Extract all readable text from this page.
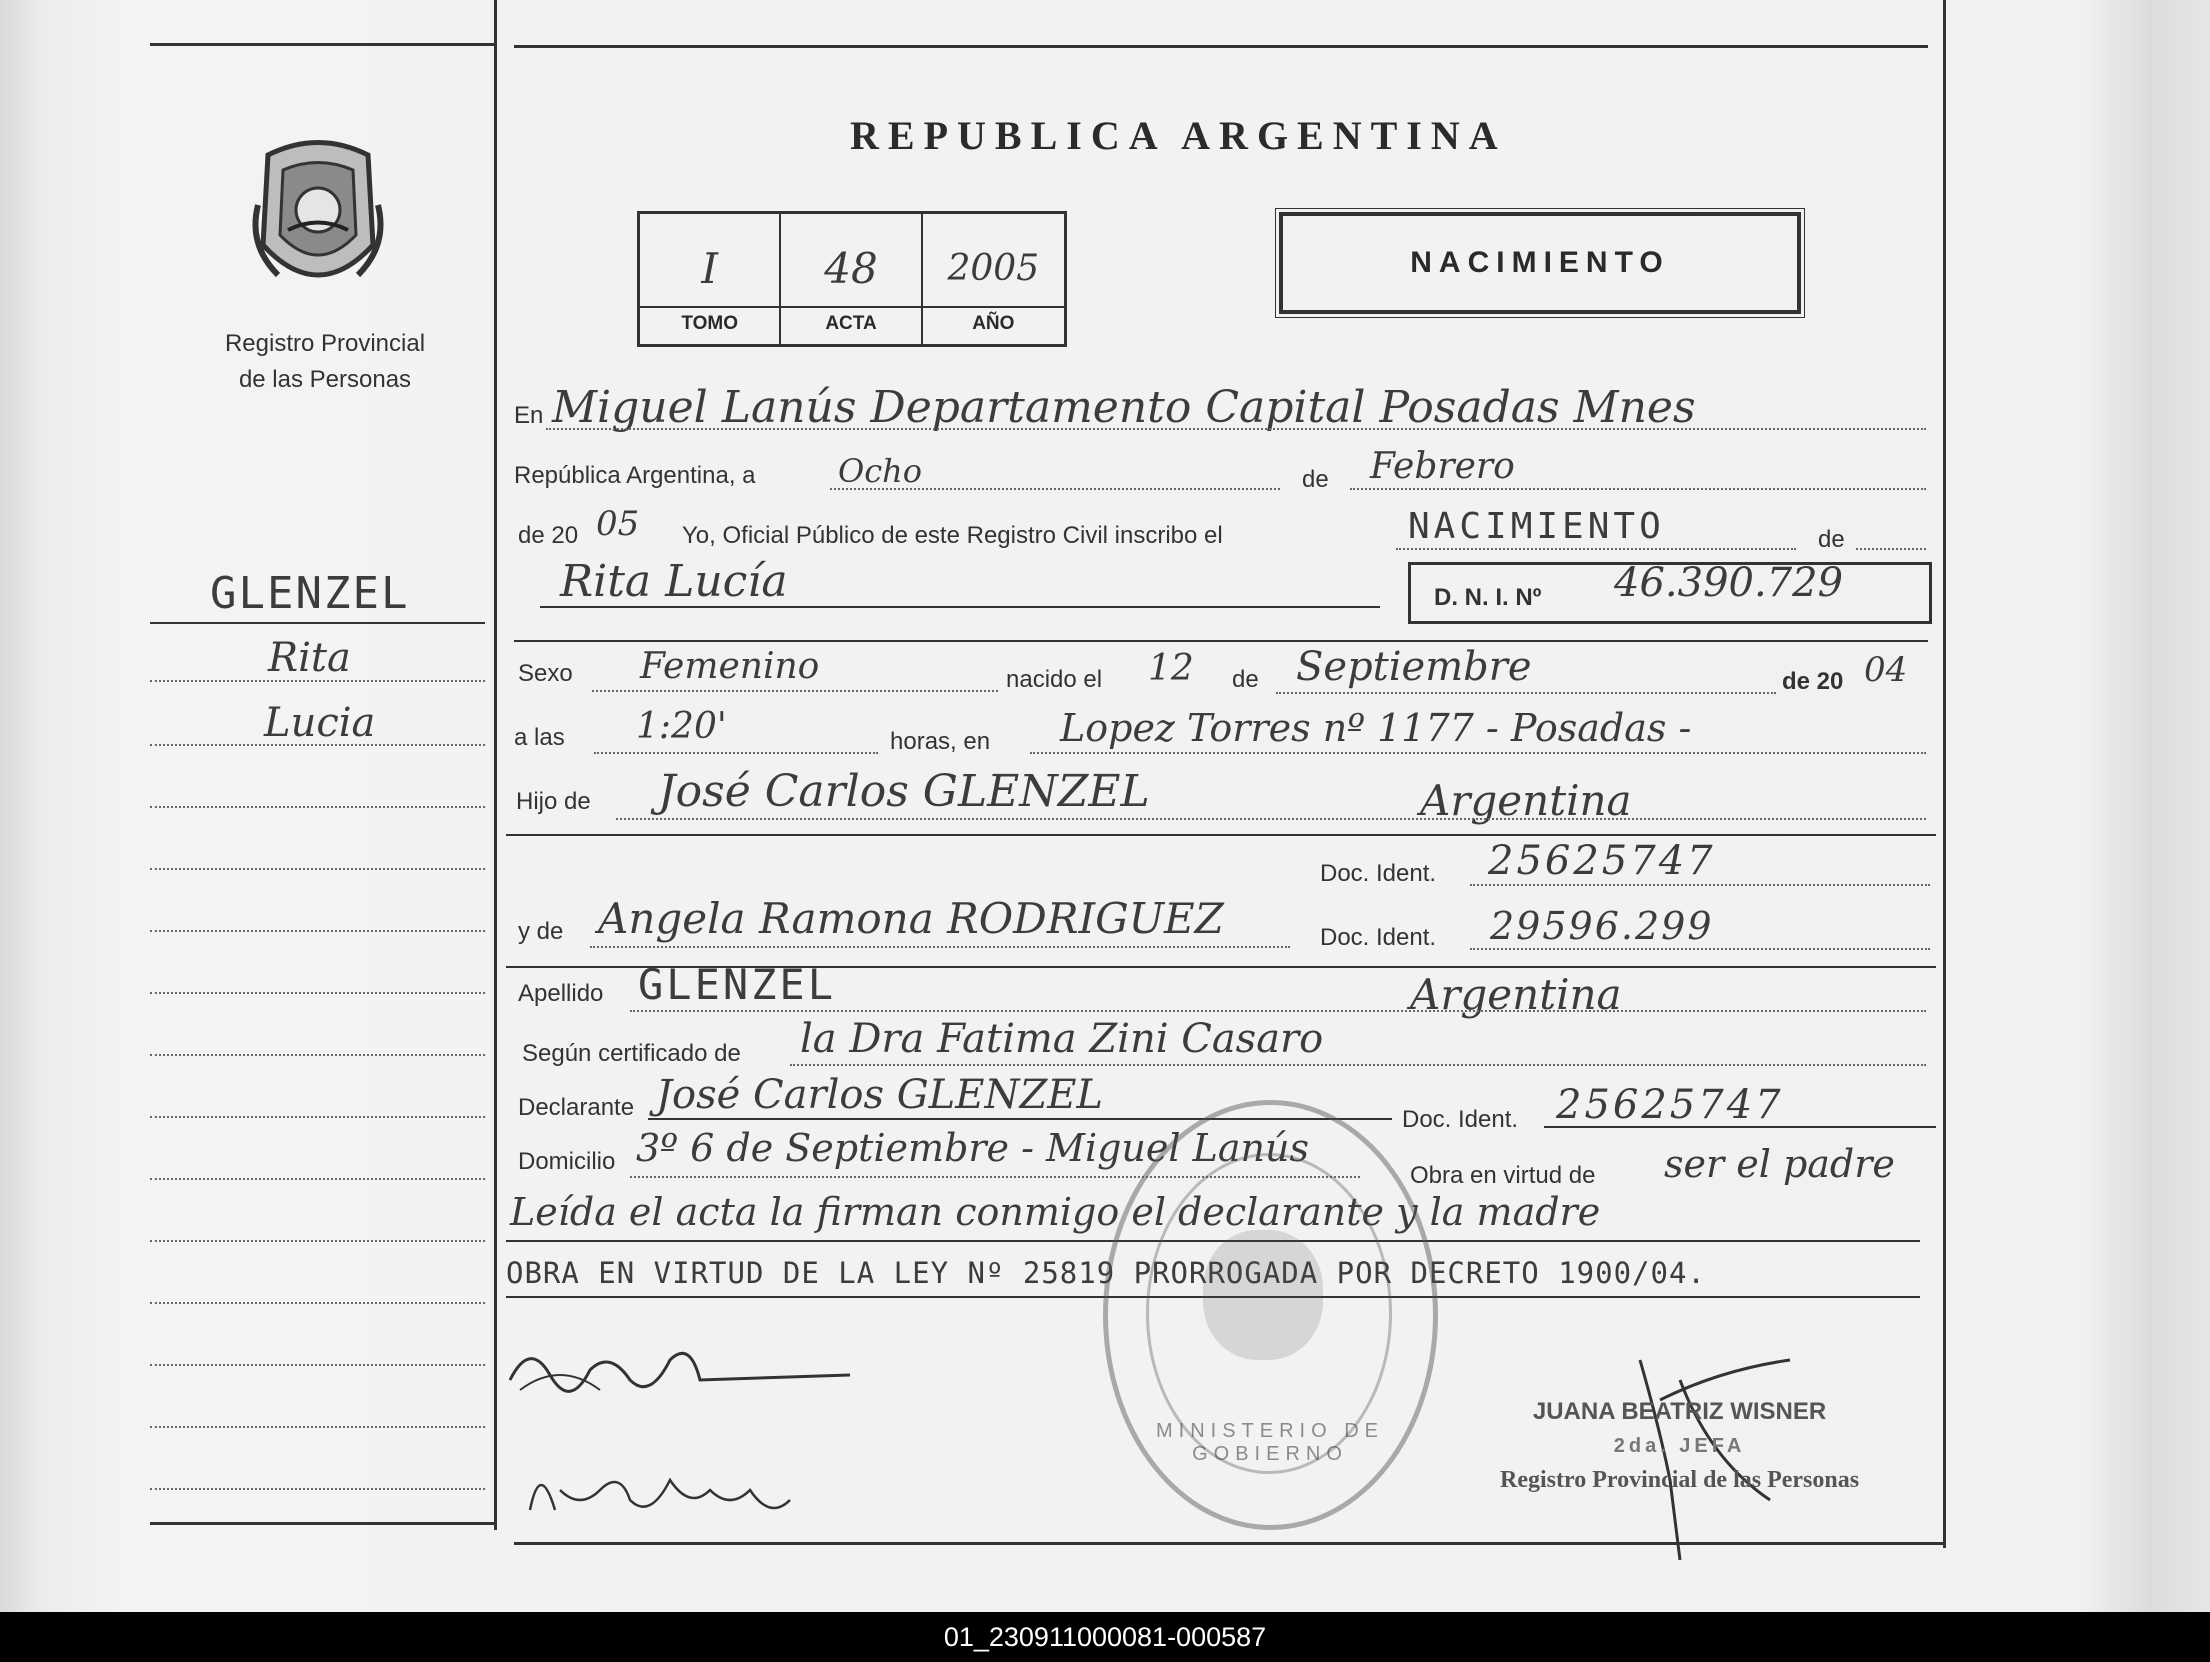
Registro Provincial
de las Personas
GLENZEL
Rita
Lucia
REPUBLICA ARGENTINA
I	48	2005
TOMO	ACTA	AÑO
NACIMIENTO
En Miguel Lanús Departamento Capital Posadas Mnes
República Argentina, a	Ocho	de Febrero
de 20 05 Yo, Oficial Público de este Registro Civil inscribo el	NACIMIENTO	de
Rita Lucía	D. N. I. Nº 46.390.729
Sexo Femenino	nacido el 12 de Septiembre	de 20 04
a las 1:20'	horas, en Lopez Torres nº 1177 - Posadas -
Hijo de José Carlos GLENZEL	Argentina
Doc. Ident. 25625747
y de Angela Ramona RODRIGUEZ	Doc. Ident. 29596.299
Apellido GLENZEL	Argentina
Según certificado de la Dra Fatima Zini Casaro
Declarante José Carlos GLENZEL
Doc. Ident. 25625747
Domicilio 3º 6 de Septiembre - Miguel Lanús
Obra en virtud de ser el padre
Leída el acta la firman conmigo el declarante y la madre
OBRA EN VIRTUD DE LA LEY Nº 25819 PRORROGADA POR DECRETO 1900/04.
MINISTERIO DE GOBIERNO
JUANA BEATRIZ WISNER
2da. JEFA
Registro Provincial de las Personas
01_230911000081-000587
